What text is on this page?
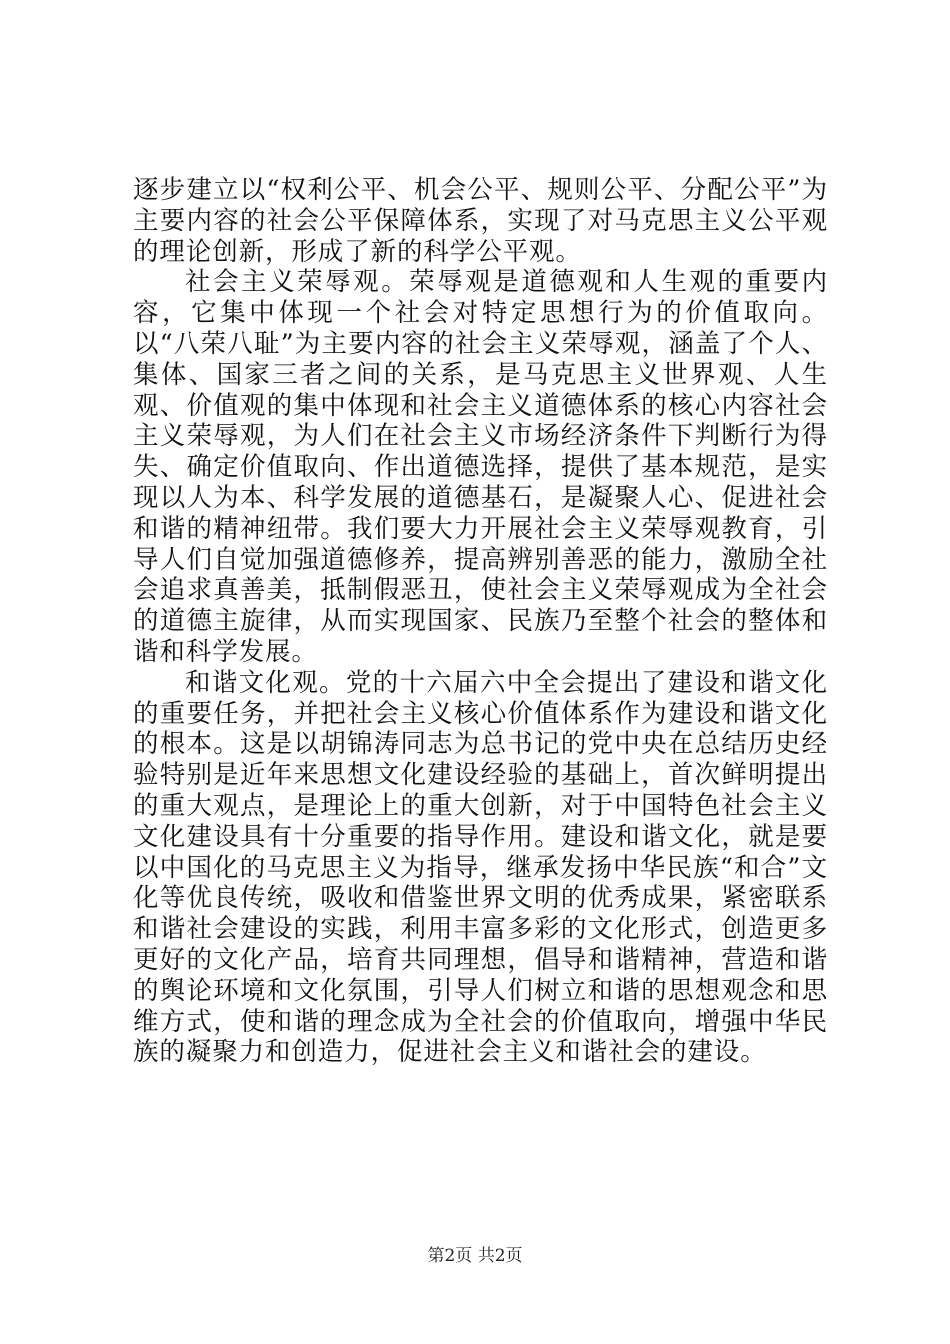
逐步建立以“权利公平、机会公平、规则公平、分配公平”为主要内容的社会公平保障体系，实现了对马克思主义公平观的理论创新，形成了新的科学公平观。

社会主义荣辱观。荣辱观是道德观和人生观的重要内容，它集中体现一个社会对特定思想行为的价值取向。以“八荣八耻”为主要内容的社会主义荣辱观，涵盖了个人、集体、国家三者之间的关系，是马克思主义世界观、人生观、价值观的集中体现和社会主义道德体系的核心内容社会主义荣辱观，为人们在社会主义市场经济条件下判断行为得失、确定价值取向、作出道德选择，提供了基本规范，是实现以人为本、科学发展的道德基石，是凝聚人心、促进社会和谐的精神纽带。我们要大力开展社会主义荣辱观教育，引导人们自觉加强道德修养，提高辨别善恶的能力，激励全社会追求真善美，抵制假恶丑，使社会主义荣辱观成为全社会的道德主旋律，从而实现国家、民族乃至整个社会的整体和谐和科学发展。

和谐文化观。党的十六届六中全会提出了建设和谐文化的重要任务，并把社会主义核心价值体系作为建设和谐文化的根本。这是以胡锦涛同志为总书记的党中央在总结历史经验特别是近年来思想文化建设经验的基础上，首次鲜明提出的重大观点，是理论上的重大创新，对于中国特色社会主义文化建设具有十分重要的指导作用。建设和谐文化，就是要以中国化的马克思主义为指导，继承发扬中华民族“和合”文化等优良传统，吸收和借鉴世界文明的优秀成果，紧密联系和谐社会建设的实践，利用丰富多彩的文化形式，创造更多更好的文化产品，培育共同理想，倡导和谐精神，营造和谐的舆论环境和文化氛围，引导人们树立和谐的思想观念和思维方式，使和谐的理念成为全社会的价值取向，增强中华民族的凝聚力和创造力，促进社会主义和谐社会的建设。

第2页 共2页
